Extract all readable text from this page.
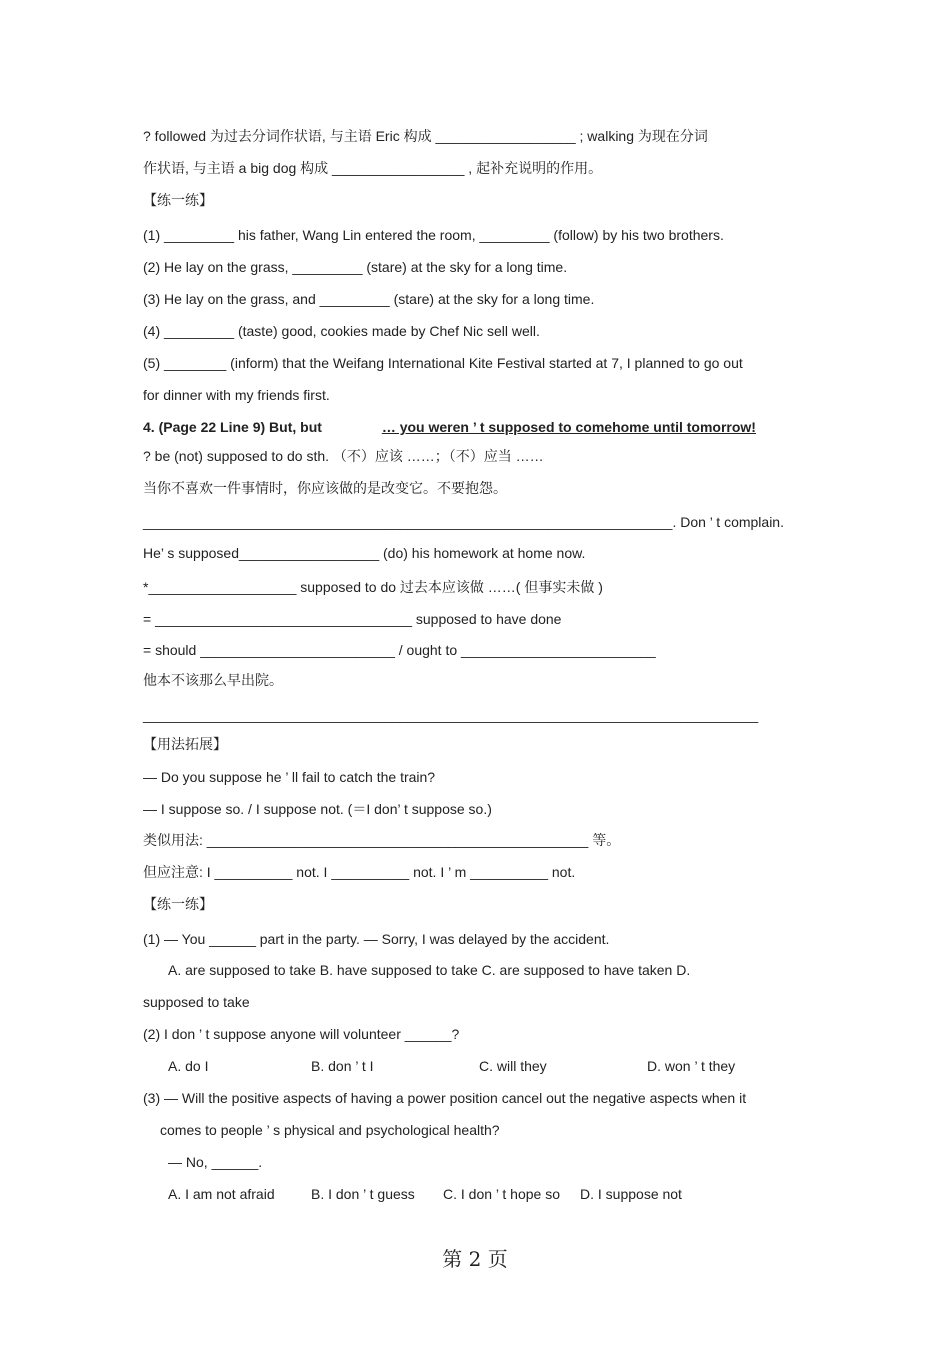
? followed 为过去分词作状语, 与主语 Eric 构成 __________________ ; walking 为现在分词
作状语, 与主语 a big dog 构成 _________________ , 起补充说明的作用。
【练一练】
(1) _________ his father, Wang Lin entered the room, _________ (follow) by his two brothers.
(2) He lay on the grass, _________ (stare) at the sky for a long time.
(3) He lay on the grass, and _________ (stare) at the sky for a long time.
(4) _________ (taste) good, cookies made by Chef Nic sell well.
(5) ________ (inform) that the Weifang International Kite Festival started at 7, I planned to go out
for dinner with my friends first.
4. (Page 22 Line 9) But, but	… you weren ’ t supposed to comehome until tomorrow!
? be (not) supposed to do sth. （不）应该 ……；（不）应当 ……
当你不喜欢一件事情时，你应该做的是改变它。不要抱怨。
____________________________________________________________________. Don ’ t complain.
He’ s supposed__________________ (do) his homework at home now.
*___________________ supposed to do 过去本应该做 ……( 但事实未做 )
= _________________________________ supposed to have done
= should _________________________ / ought to _________________________
他本不该那么早出院。
_______________________________________________________________________________
【用法拓展】
— Do you suppose he ’ ll fail to catch the train?
— I suppose so. / I suppose not. (＝I don’ t suppose so.)
类似用法: _________________________________________________ 等。
但应注意: I __________ not. I __________ not. I ’ m __________ not.
【练一练】
(1) — You ______ part in the party. — Sorry, I was delayed by the accident.
A. are supposed to take B. have supposed to take C. are supposed to have taken D.
supposed to take
(2) I don ’ t suppose anyone will volunteer ______?
A. do I	B. don ’ t I	C. will they	D. won ’ t they
(3) — Will the positive aspects of having a power position cancel out the negative aspects when it
comes to people ’ s physical and psychological health?
— No, ______.
A. I am not afraid	B. I don ’ t guess C. I don ’ t hope so D. I suppose not
第 2 页
